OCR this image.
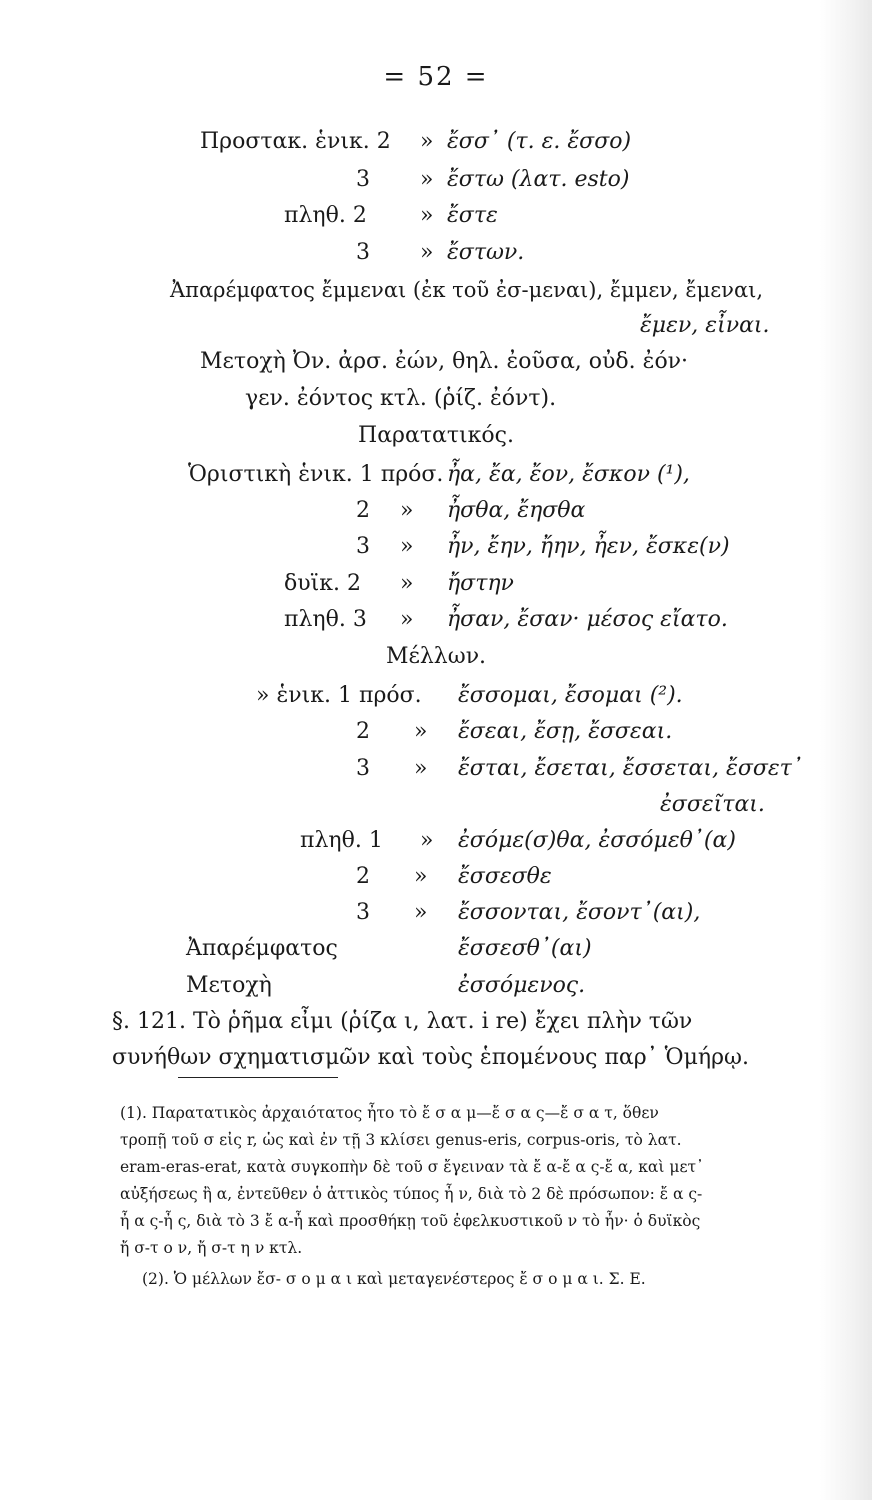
= 52 =
Προστακ. ἑνικ. 2 » ἔσσ᾽ (τ. ε. ἔσσο)
3 » ἔστω (λατ. esto)
πληθ. 2 » ἔστε
3 » ἔστων.
Ἀπαρέμφατος ἔμμεναι (ἐκ τοῦ ἐσ-μεναι), ἔμμεν, ἔμεναι,
ἔμεν, εἶναι.
Μετοχὴ Ὀν. ἀρσ. ἐών, θηλ. ἐοῦσα, οὐδ. ἐόν·
γεν. ἐόντος κτλ. (ῥίζ. ἐόντ).
Παρατατικός.
Ὁριστικὴ ἑνικ. 1 πρόσ. ἦα, ἔα, ἔον, ἔσκον (¹),
2 » ἦσθα, ἔησθα
3 » ἦν, ἔην, ἤην, ἦεν, ἔσκε(ν)
δυϊκ. 2 » ἤστην
πληθ. 3 » ἦσαν, ἔσαν· μέσος εἴατο.
Μέλλων.
» ἑνικ. 1 πρόσ. ἔσσομαι, ἔσομαι (²).
2 » ἔσεαι, ἔσῃ, ἔσσεαι.
3 » ἔσται, ἔσεται, ἔσσεται, ἔσσετ᾽
ἐσσεῖται.
πληθ. 1 » ἐσόμε(σ)θα, ἐσσόμεθ᾽(α)
2 » ἔσσεσθε
3 » ἔσσονται, ἔσοντ᾽(αι),
Ἀπαρέμφατος	ἔσσεσθ᾽(αι)
Μετοχὴ	ἐσσόμενος.
§. 121. Τὸ ῥῆμα εἶμι (ῥίζα ι, λατ. i re) ἔχει πλὴν τῶν
συνήθων σχηματισμῶν καὶ τοὺς ἑπομένους παρ᾽ Ὁμήρῳ.

(1). Παρατατικὸς ἀρχαιότατος ἦτο τὸ ἔ σ α μ—ἔ σ α ς—ἔ σ α τ, ὅθεν

τροπῇ τοῦ σ εἰς r, ὡς καὶ ἐν τῇ 3 κλίσει genus-eris, corpus-oris, τὸ λατ.

eram-eras-erat, κατὰ συγκοπὴν δὲ τοῦ σ ἔγειναν τὰ ἔ α-ἔ α ς-ἔ α, καὶ μετ᾽

αὐξήσεως ἢ α, ἐντεῦθεν ὁ ἀττικὸς τύπος ἦ ν, διὰ τὸ 2 δὲ πρόσωπον: ἔ α ς-

ἦ α ς-ἦ ς, διὰ τὸ 3 ἔ α-ἦ καὶ προσθήκῃ τοῦ ἐφελκυστικοῦ ν τὸ ἦν· ὁ δυϊκὸς

ἤ σ-τ ο ν, ἤ σ-τ η ν κτλ.

(2). Ὁ μέλλων ἔσ- σ ο μ α ι καὶ μεταγενέστερος ἔ σ ο μ α ι. Σ. Ε.
